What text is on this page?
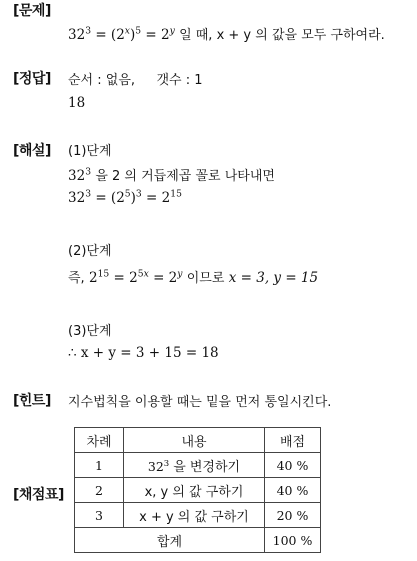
[문제]
$32^3 = (2^x)^5 = 2^y$ 일 때, x + y 의 값을 모두 구하여라.
[정답] 순서 : 없음, 갯수 : 1
18
[해설] (1)단계
$32^3$ 을 2 의 거듭제곱 꼴로 나타내면
$32^3 = (2^5)^3 = 2^{15}$
(2)단계
즉, $2^{15} = 2^{5x} = 2^y$ 이므로 x = 3, y = 15
(3)단계
∴ x + y = 3 + 15 = 18
[힌트] 지수법칙을 이용할 때는 밑을 먼저 통일시킨다.
[채점표]
차례	내용	배점
1	$32^3$ 을 변경하기	40 %
2	x, y 의 값 구하기	40 %
3	x + y 의 값 구하기	20 %
합계		100 %
